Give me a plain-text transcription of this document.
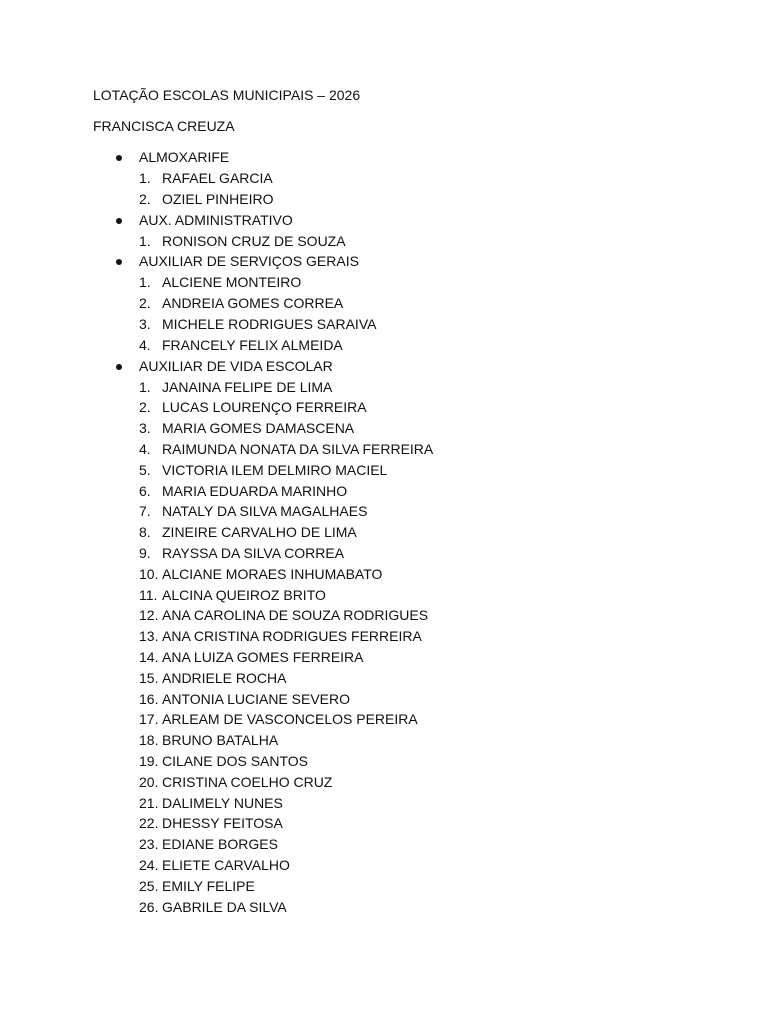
LOTAÇÃO ESCOLAS MUNICIPAIS – 2026

FRANCISCA CREUZA

ALMOXARIFE
1. RAFAEL GARCIA
2. OZIEL PINHEIRO
AUX. ADMINISTRATIVO
1. RONISON CRUZ DE SOUZA
AUXILIAR DE SERVIÇOS GERAIS
1. ALCIENE MONTEIRO
2. ANDREIA GOMES CORREA
3. MICHELE RODRIGUES SARAIVA
4. FRANCELY FELIX ALMEIDA
AUXILIAR DE VIDA ESCOLAR
1. JANAINA FELIPE DE LIMA
2. LUCAS LOURENÇO FERREIRA
3. MARIA GOMES DAMASCENA
4. RAIMUNDA NONATA DA SILVA FERREIRA
5. VICTORIA ILEM DELMIRO MACIEL
6. MARIA EDUARDA MARINHO
7. NATALY DA SILVA MAGALHAES
8. ZINEIRE CARVALHO DE LIMA
9. RAYSSA DA SILVA CORREA
10. ALCIANE MORAES INHUMABATO
11. ALCINA QUEIROZ BRITO
12. ANA CAROLINA DE SOUZA RODRIGUES
13. ANA CRISTINA RODRIGUES FERREIRA
14. ANA LUIZA GOMES FERREIRA
15. ANDRIELE ROCHA
16. ANTONIA LUCIANE SEVERO
17. ARLEAM DE VASCONCELOS PEREIRA
18. BRUNO BATALHA
19. CILANE DOS SANTOS
20. CRISTINA COELHO CRUZ
21. DALIMELY NUNES
22. DHESSY FEITOSA
23. EDIANE BORGES
24. ELIETE CARVALHO
25. EMILY FELIPE
26. GABRILE DA SILVA
